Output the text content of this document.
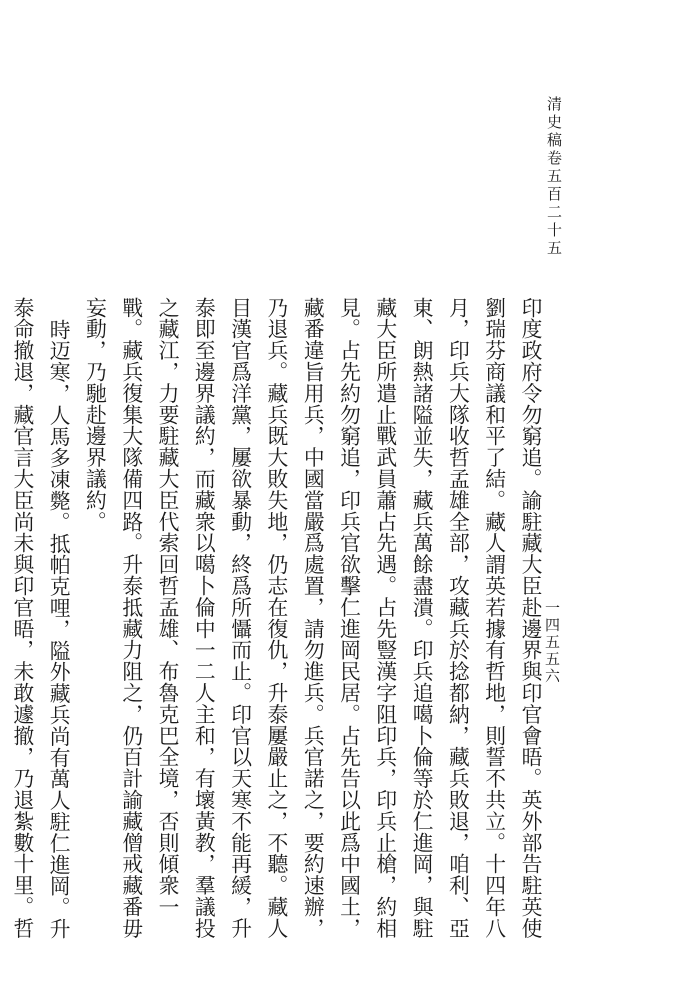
清史稿卷五百二十五
一四五五六

印度政府令勿窮追。諭駐藏大臣赴邊界與印官會晤。英外部告駐英使劉瑞芬商議和平了結。藏人謂英若據有哲地，則誓不共立。十四年八月，印兵大隊收哲孟雄全部，攻藏兵於捻都納，藏兵敗退，咱利、亞東、朗熱諸隘並失，藏兵萬餘盡潰。印兵追噶卜倫等於仁進岡，與駐藏大臣所遣止戰武員蕭占先遇。占先豎漢字阻印兵，印兵止槍，約相見。占先約勿窮追，印兵官欲擊仁進岡民居。占先告以此爲中國土，藏番違旨用兵，中國當嚴爲處置，請勿進兵。兵官諾之，要約速辦，乃退兵。藏兵既大敗失地，仍志在復仇，升泰屢嚴止之，不聽。藏人目漢官爲洋黨，屢欲暴動，終爲所懾而止。印官以天寒不能再緩，升泰即至邊界議約，而藏衆以噶卜倫中一二人主和，有壞黃教，羣議投之藏江，力要駐藏大臣代索回哲孟雄、布魯克巴全境，否則傾衆一戰。藏兵復集大隊備四路。升泰抵藏力阻之，仍百計諭藏僧戒藏番毋妄動，乃馳赴邊界議約。

時迈寒，人馬多凍斃。抵帕克哩，隘外藏兵尚有萬人駐仁進岡。升泰命撤退，藏官言大臣尚未與印官晤，未敢遽撤，乃退紮數十里。哲
